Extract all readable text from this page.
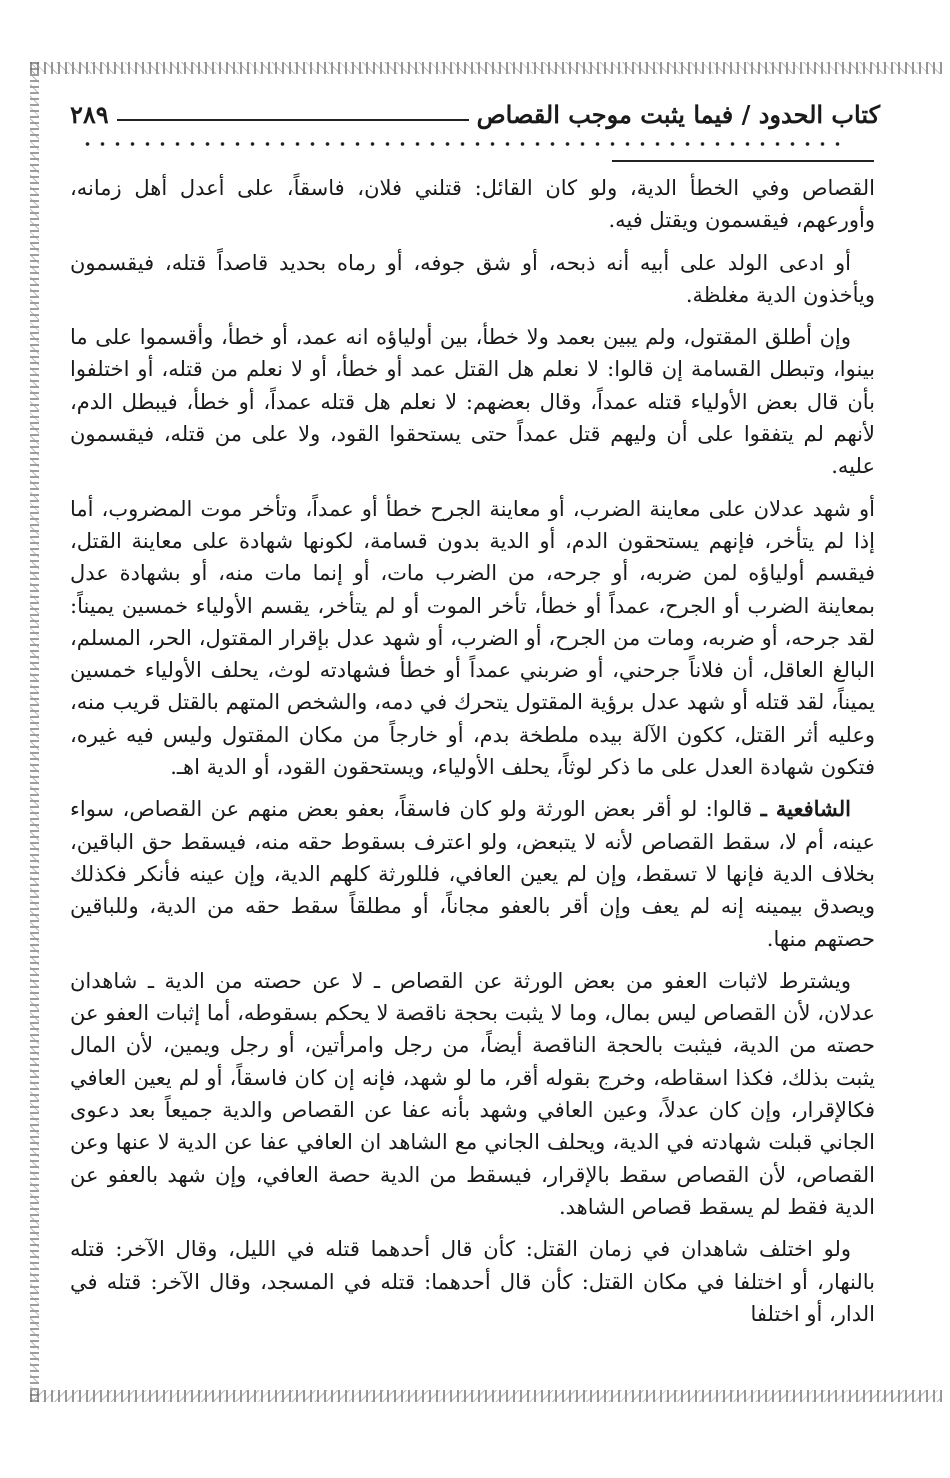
كتاب الحدود / فيما يثبت موجب القصاص
٢٨٩

القصاص وفي الخطأ الدية، ولو كان القائل: قتلني فلان، فاسقاً، على أعدل أهل زمانه، وأورعهم، فيقسمون ويقتل فيه.

أو ادعى الولد على أبيه أنه ذبحه، أو شق جوفه، أو رماه بحديد قاصداً قتله، فيقسمون ويأخذون الدية مغلظة.

وإن أطلق المقتول، ولم يبين بعمد ولا خطأ، بين أولياؤه انه عمد، أو خطأ، وأقسموا على ما بينوا، وتبطل القسامة إن قالوا: لا نعلم هل القتل عمد أو خطأ، أو لا نعلم من قتله، أو اختلفوا بأن قال بعض الأولياء قتله عمداً، وقال بعضهم: لا نعلم هل قتله عمداً، أو خطأ، فيبطل الدم، لأنهم لم يتفقوا على أن وليهم قتل عمداً حتى يستحقوا القود، ولا على من قتله، فيقسمون عليه.

أو شهد عدلان على معاينة الضرب، أو معاينة الجرح خطأ أو عمداً، وتأخر موت المضروب، أما إذا لم يتأخر، فإنهم يستحقون الدم، أو الدية بدون قسامة، لكونها شهادة على معاينة القتل، فيقسم أولياؤه لمن ضربه، أو جرحه، من الضرب مات، أو إنما مات منه، أو بشهادة عدل بمعاينة الضرب أو الجرح، عمداً أو خطأ، تأخر الموت أو لم يتأخر، يقسم الأولياء خمسين يميناً: لقد جرحه، أو ضربه، ومات من الجرح، أو الضرب، أو شهد عدل بإقرار المقتول، الحر، المسلم، البالغ العاقل، أن فلاناً جرحني، أو ضربني عمداً أو خطأ فشهادته لوث، يحلف الأولياء خمسين يميناً، لقد قتله أو شهد عدل برؤية المقتول يتحرك في دمه، والشخص المتهم بالقتل قريب منه، وعليه أثر القتل، ككون الآلة بيده ملطخة بدم، أو خارجاً من مكان المقتول وليس فيه غيره، فتكون شهادة العدل على ما ذكر لوثاً، يحلف الأولياء، ويستحقون القود، أو الدية اهـ.

الشافعية ـ قالوا: لو أقر بعض الورثة ولو كان فاسقاً، بعفو بعض منهم عن القصاص، سواء عينه، أم لا، سقط القصاص لأنه لا يتبعض، ولو اعترف بسقوط حقه منه، فيسقط حق الباقين، بخلاف الدية فإنها لا تسقط، وإن لم يعين العافي، فللورثة كلهم الدية، وإن عينه فأنكر فكذلك ويصدق بيمينه إنه لم يعف وإن أقر بالعفو مجاناً، أو مطلقاً سقط حقه من الدية، وللباقين حصتهم منها.

ويشترط لاثبات العفو من بعض الورثة عن القصاص ـ لا عن حصته من الدية ـ شاهدان عدلان، لأن القصاص ليس بمال، وما لا يثبت بحجة ناقصة لا يحكم بسقوطه، أما إثبات العفو عن حصته من الدية، فيثبت بالحجة الناقصة أيضاً، من رجل وامرأتين، أو رجل ويمين، لأن المال يثبت بذلك، فكذا اسقاطه، وخرج بقوله أقر، ما لو شهد، فإنه إن كان فاسقاً، أو لم يعين العافي فكالإقرار، وإن كان عدلاً، وعين العافي وشهد بأنه عفا عن القصاص والدية جميعاً بعد دعوى الجاني قبلت شهادته في الدية، ويحلف الجاني مع الشاهد ان العافي عفا عن الدية لا عنها وعن القصاص، لأن القصاص سقط بالإقرار، فيسقط من الدية حصة العافي، وإن شهد بالعفو عن الدية فقط لم يسقط قصاص الشاهد.

ولو اختلف شاهدان في زمان القتل: كأن قال أحدهما قتله في الليل، وقال الآخر: قتله بالنهار، أو اختلفا في مكان القتل: كأن قال أحدهما: قتله في المسجد، وقال الآخر: قتله في الدار، أو اختلفا
